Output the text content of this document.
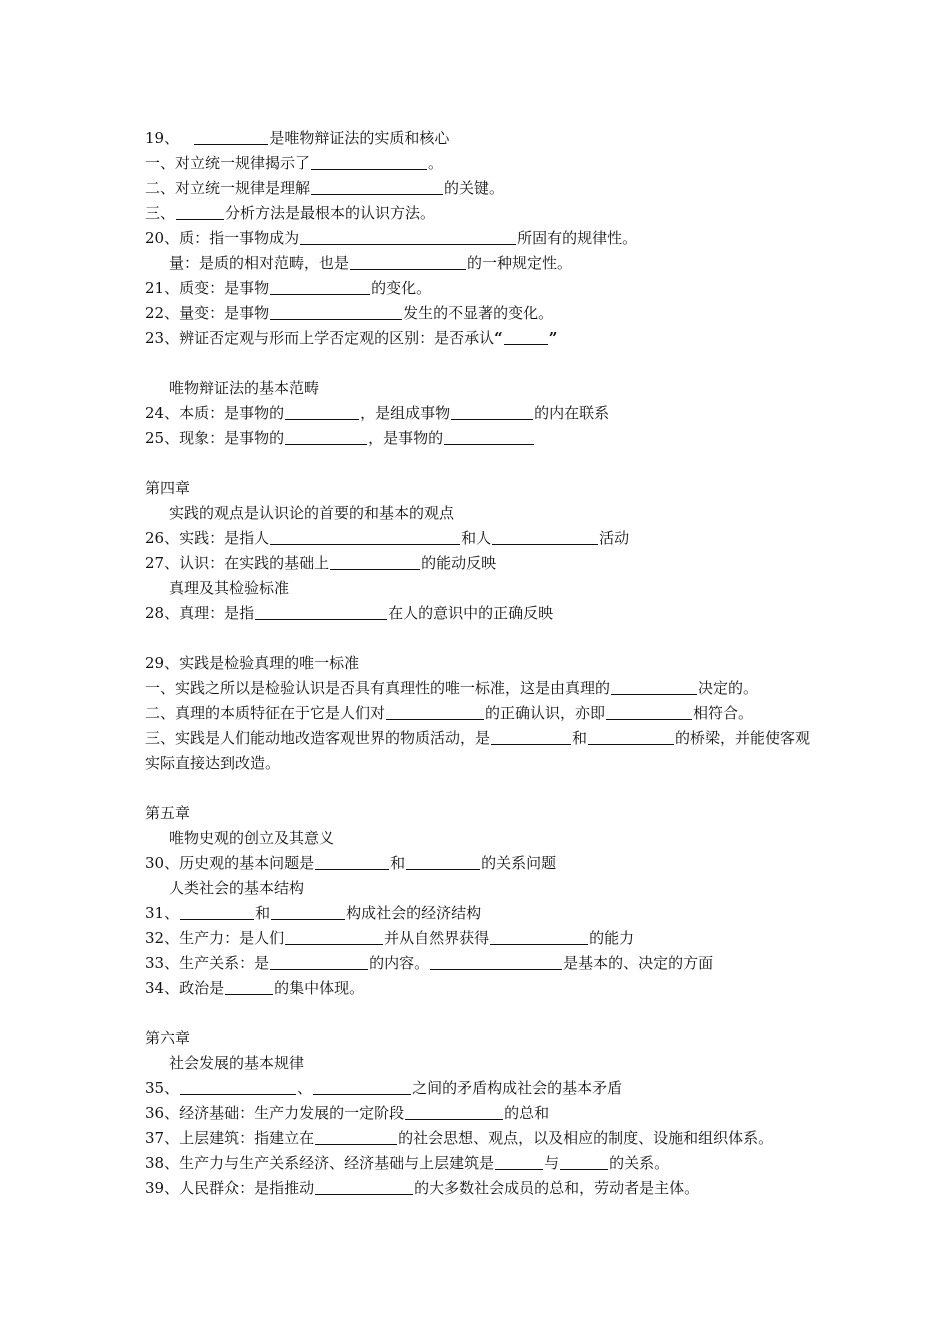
19、	是唯物辩证法的实质和核心
一、对立统一规律揭示了	。
二、对立统一规律是理解	的关键。
三、	分析方法是最根本的认识方法。
20、质：指一事物成为	所固有的规律性。
量：是质的相对范畴，也是	的一种规定性。
21、质变：是事物	的变化。
22、量变：是事物	发生的不显著的变化。
23、辨证否定观与形而上学否定观的区别：是否承认“	”
唯物辩证法的基本范畴
24、本质：是事物的	，是组成事物	的内在联系
25、现象：是事物的	，是事物的
第四章
实践的观点是认识论的首要的和基本的观点
26、实践：是指人	和人	活动
27、认识：在实践的基础上	的能动反映
真理及其检验标准
28、真理：是指	在人的意识中的正确反映
29、实践是检验真理的唯一标准
一、实践之所以是检验认识是否具有真理性的唯一标准，这是由真理的	决定的。
二、真理的本质特征在于它是人们对	的正确认识，亦即	相符合。
三、实践是人们能动地改造客观世界的物质活动，是	和	的桥梁，并能使客观实际直接达到改造。
第五章
唯物史观的创立及其意义
30、历史观的基本问题是	和	的关系问题
人类社会的基本结构
31、	和	构成社会的经济结构
32、生产力：是人们	并从自然界获得	的能力
33、生产关系：是	的内容。	是基本的、决定的方面
34、政治是	的集中体现。
第六章
社会发展的基本规律
35、	、	之间的矛盾构成社会的基本矛盾
36、经济基础：生产力发展的一定阶段	的总和
37、上层建筑：指建立在	的社会思想、观点，以及相应的制度、设施和组织体系。
38、生产力与生产关系经济、经济基础与上层建筑是	与	的关系。
39、人民群众：是指推动	的大多数社会成员的总和，劳动者是主体。
